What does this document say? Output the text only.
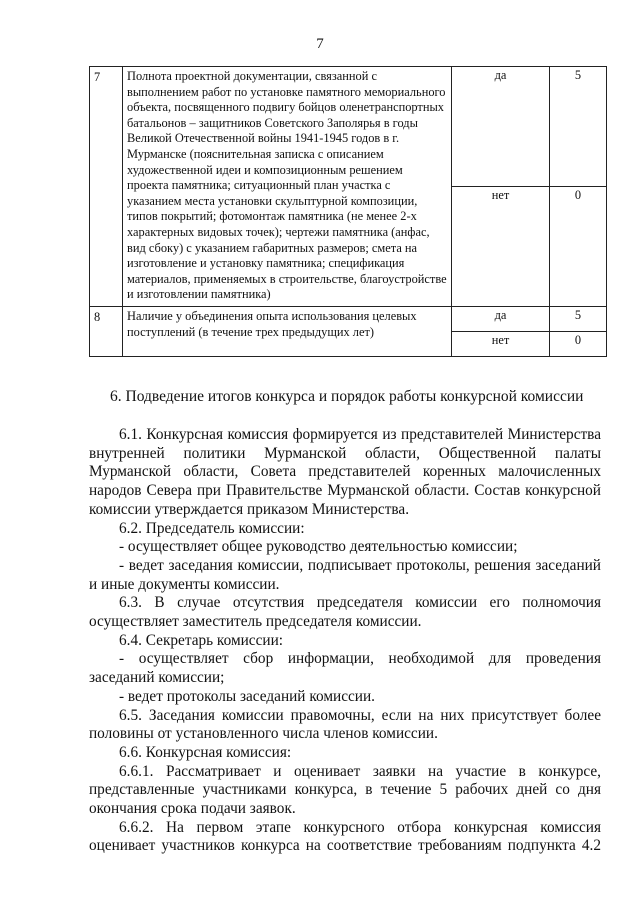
7
7	Полнота проектной документации, связанной с выполнением работ по установке памятного мемориального объекта, посвященного подвигу бойцов оленетранспортных батальонов – защитников Советского Заполярья в годы Великой Отечественной войны 1941-1945 годов в г. Мурманске (пояснительная записка с описанием художественной идеи и композиционным решением проекта памятника; ситуационный план участка с указанием места установки скульптурной композиции, типов покрытий; фотомонтаж памятника (не менее 2-х характерных видовых точек); чертежи памятника (анфас, вид сбоку) с указанием габаритных размеров; смета на изготовление и установку памятника; спецификация материалов, применяемых в строительстве, благоустройстве и изготовлении памятника)	да	5
		нет	0
8	Наличие у объединения опыта использования целевых поступлений (в течение трех предыдущих лет)	да	5
		нет	0
6. Подведение итогов конкурса и порядок работы конкурсной комиссии

6.1. Конкурсная комиссия формируется из представителей Министерства

внутренней политики Мурманской области, Общественной палаты

Мурманской области, Совета представителей коренных малочисленных

народов Севера при Правительстве Мурманской области. Состав конкурсной

комиссии утверждается приказом Министерства.

6.2. Председатель комиссии:

- осуществляет общее руководство деятельностью комиссии;

- ведет заседания комиссии, подписывает протоколы, решения заседаний

и иные документы комиссии.

6.3. В случае отсутствия председателя комиссии его полномочия

осуществляет заместитель председателя комиссии.

6.4. Секретарь комиссии:

- осуществляет сбор информации, необходимой для проведения

заседаний комиссии;

- ведет протоколы заседаний комиссии.

6.5. Заседания комиссии правомочны, если на них присутствует более

половины от установленного числа членов комиссии.

6.6. Конкурсная комиссия:

6.6.1. Рассматривает и оценивает заявки на участие в конкурсе,

представленные участниками конкурса, в течение 5 рабочих дней со дня

окончания срока подачи заявок.

6.6.2. На первом этапе конкурсного отбора конкурсная комиссия

оценивает участников конкурса на соответствие требованиям подпункта 4.2
